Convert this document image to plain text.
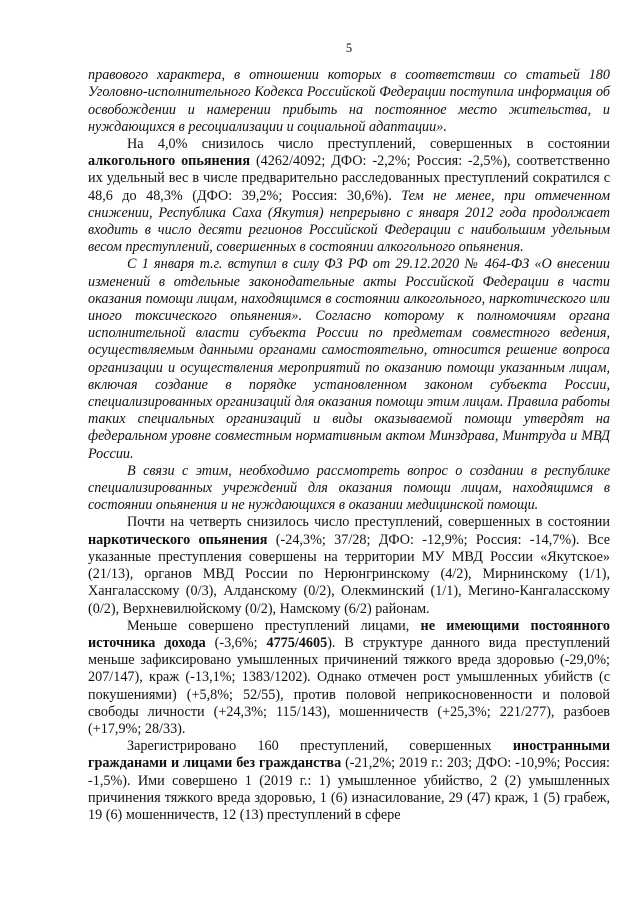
5

правового характера, в отношении которых в соответствии со статьей 180 Уголовно-исполнительного Кодекса Российской Федерации поступила информация об освобождении и намерении прибыть на постоянное место жительства, и нуждающихся в ресоциализации и социальной адаптации».

На 4,0% снизилось число преступлений, совершенных в состоянии алкогольного опьянения (4262/4092; ДФО: -2,2%; Россия: -2,5%), соответственно их удельный вес в числе предварительно расследованных преступлений сократился с 48,6 до 48,3% (ДФО: 39,2%; Россия: 30,6%). Тем не менее, при отмеченном снижении, Республика Саха (Якутия) непрерывно с января 2012 года продолжает входить в число десяти регионов Российской Федерации с наибольшим удельным весом преступлений, совершенных в состоянии алкогольного опьянения.

С 1 января т.г. вступил в силу ФЗ РФ от 29.12.2020 № 464-ФЗ «О внесении изменений в отдельные законодательные акты Российской Федерации в части оказания помощи лицам, находящимся в состоянии алкогольного, наркотического или иного токсического опьянения». Согласно которому к полномочиям органа исполнительной власти субъекта России по предметам совместного ведения, осуществляемым данными органами самостоятельно, относится решение вопроса организации и осуществления мероприятий по оказанию помощи указанным лицам, включая создание в порядке установленном законом субъекта России, специализированных организаций для оказания помощи этим лицам. Правила работы таких специальных организаций и виды оказываемой помощи утвердят на федеральном уровне совместным нормативным актом Минздрава, Минтруда и МВД России.

В связи с этим, необходимо рассмотреть вопрос о создании в республике специализированных учреждений для оказания помощи лицам, находящимся в состоянии опьянения и не нуждающихся в оказании медицинской помощи.

Почти на четверть снизилось число преступлений, совершенных в состоянии наркотического опьянения (-24,3%; 37/28; ДФО: -12,9%; Россия: -14,7%). Все указанные преступления совершены на территории МУ МВД России «Якутское» (21/13), органов МВД России по Нерюнгринскому (4/2), Мирнинскому (1/1), Хангаласскому (0/3), Алданскому (0/2), Олекминский (1/1), Мегино-Кангаласскому (0/2), Верхневилюйскому (0/2), Намскому (6/2) районам.

Меньше совершено преступлений лицами, не имеющими постоянного источника дохода (-3,6%; 4775/4605). В структуре данного вида преступлений меньше зафиксировано умышленных причинений тяжкого вреда здоровью (-29,0%; 207/147), краж (-13,1%; 1383/1202). Однако отмечен рост умышленных убийств (с покушениями) (+5,8%; 52/55), против половой неприкосновенности и половой свободы личности (+24,3%; 115/143), мошенничеств (+25,3%; 221/277), разбоев (+17,9%; 28/33).

Зарегистрировано 160 преступлений, совершенных иностранными гражданами и лицами без гражданства (-21,2%; 2019 г.: 203; ДФО: -10,9%; Россия: -1,5%). Ими совершено 1 (2019 г.: 1) умышленное убийство, 2 (2) умышленных причинения тяжкого вреда здоровью, 1 (6) изнасилование, 29 (47) краж, 1 (5) грабеж, 19 (6) мошенничеств, 12 (13) преступлений в сфере
